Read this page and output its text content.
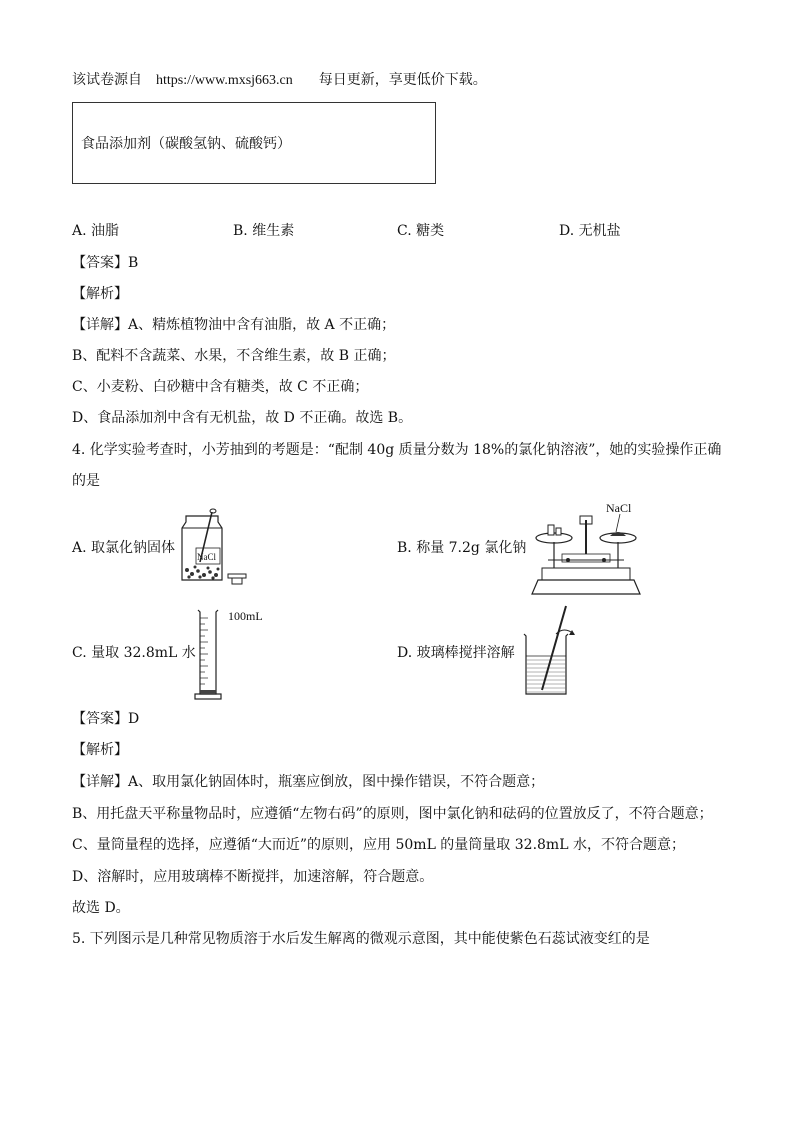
该试卷源自 https://www.mxsj663.cn 每日更新，享更低价下载。
食品添加剂（碳酸氢钠、硫酸钙）
A. 油脂	B. 维生素	C. 糖类	D. 无机盐
【答案】B
【解析】
【详解】A、精炼植物油中含有油脂，故 A 不正确；
B、配料不含蔬菜、水果，不含维生素，故 B 正确；
C、小麦粉、白砂糖中含有糖类，故 C 不正确；
D、食品添加剂中含有无机盐，故 D 不正确。故选 B。
4. 化学实验考查时，小芳抽到的考题是：“配制 40g 质量分数为 18%的氯化钠溶液”，她的实验操作正确
的是
A. 取氯化钠固体	B. 称量 7.2g 氯化钠
C. 量取 32.8mL 水	D. 玻璃棒搅拌溶解
NaCl
NaCl
100mL
【答案】D
【解析】
【详解】A、取用氯化钠固体时，瓶塞应倒放，图中操作错误，不符合题意；
B、用托盘天平称量物品时，应遵循“左物右码”的原则，图中氯化钠和砝码的位置放反了，不符合题意；
C、量筒量程的选择，应遵循“大而近”的原则，应用 50mL 的量筒量取 32.8mL 水，不符合题意；
D、溶解时，应用玻璃棒不断搅拌，加速溶解，符合题意。
故选 D。
5. 下列图示是几种常见物质溶于水后发生解离的微观示意图，其中能使紫色石蕊试液变红的是
